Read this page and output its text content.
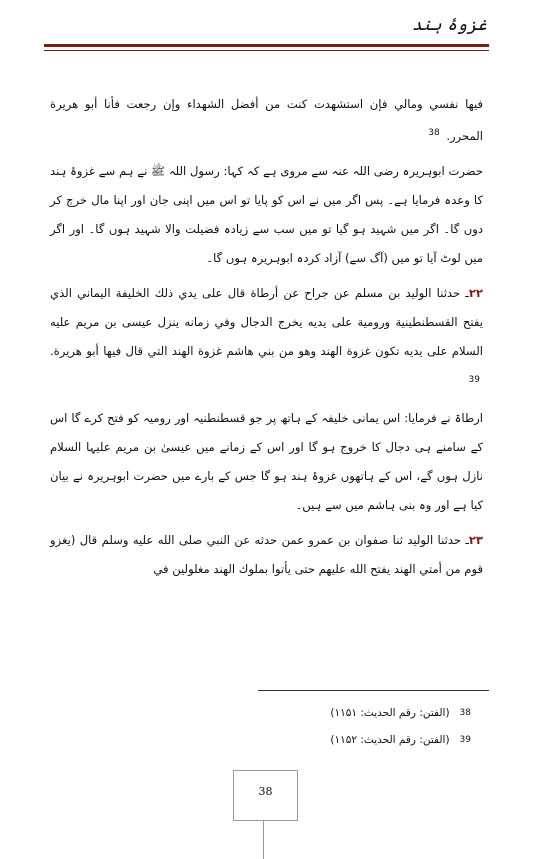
غزوۂ ہند

فيها نفسي ومالي فإن استشهدت كنت من أفضل الشهداء وإن رجعت فأنا أبو هريرة المحرر. $^{38}$

حضرت ابوہریرہ رضی اللہ عنہ سے مروی ہے کہ کہا: رسول اللہ ﷺ نے ہم سے غزوۂ ہند کا وعدہ فرمایا ہے۔ پس اگر میں نے اس کو پایا تو اس میں اپنی جان اور اپنا مال خرچ کر دوں گا۔ اگر میں شہید ہو گیا تو میں سب سے زیادہ فضیلت والا شہید ہوں گا۔ اور اگر میں لوٹ آیا تو میں (آگ سے) آزاد کردہ ابوہریرہ ہوں گا۔

۲۲ـ حدثنا الوليد بن مسلم عن جراح عن أرطاة قال على يدي ذلك الخليفة اليماني الذي يفتح القسطنطينية ورومية على يديه يخرج الدجال وفي زمانه ينزل عيسى بن مريم عليه السلام على يديه تكون غزوة الهند وهو من بني هاشم غزوة الهند التي قال فيها أبو هريرة. $^{39}$

ارطاۃ نے فرمایا: اس یمانی خلیفہ کے ہاتھ پر جو قسطنطنیہ اور رومیہ کو فتح کرے گا اس کے سامنے ہی دجال کا خروج ہو گا اور اس کے زمانے میں عیسیٰ بن مریم علیہا السلام نازل ہوں گے، اس کے ہاتھوں غزوۂ ہند ہو گا جس کے بارے میں حضرت ابوہریرہ نے بیان کیا ہے اور وہ بنی ہاشم میں سے ہیں۔

۲۳ـ حدثنا الوليد ثنا صفوان بن عمرو عمن حدثه عن النبي صلى الله عليه وسلم قال (يغزو قوم من أمتي الهند يفتح الله عليهم حتى يأتوا بملوك الهند مغلولين في

38
(الفتن: رقم الحدیث: ۱۱۵۱)
39
(الفتن: رقم الحدیث: ۱۱۵۲)
38
